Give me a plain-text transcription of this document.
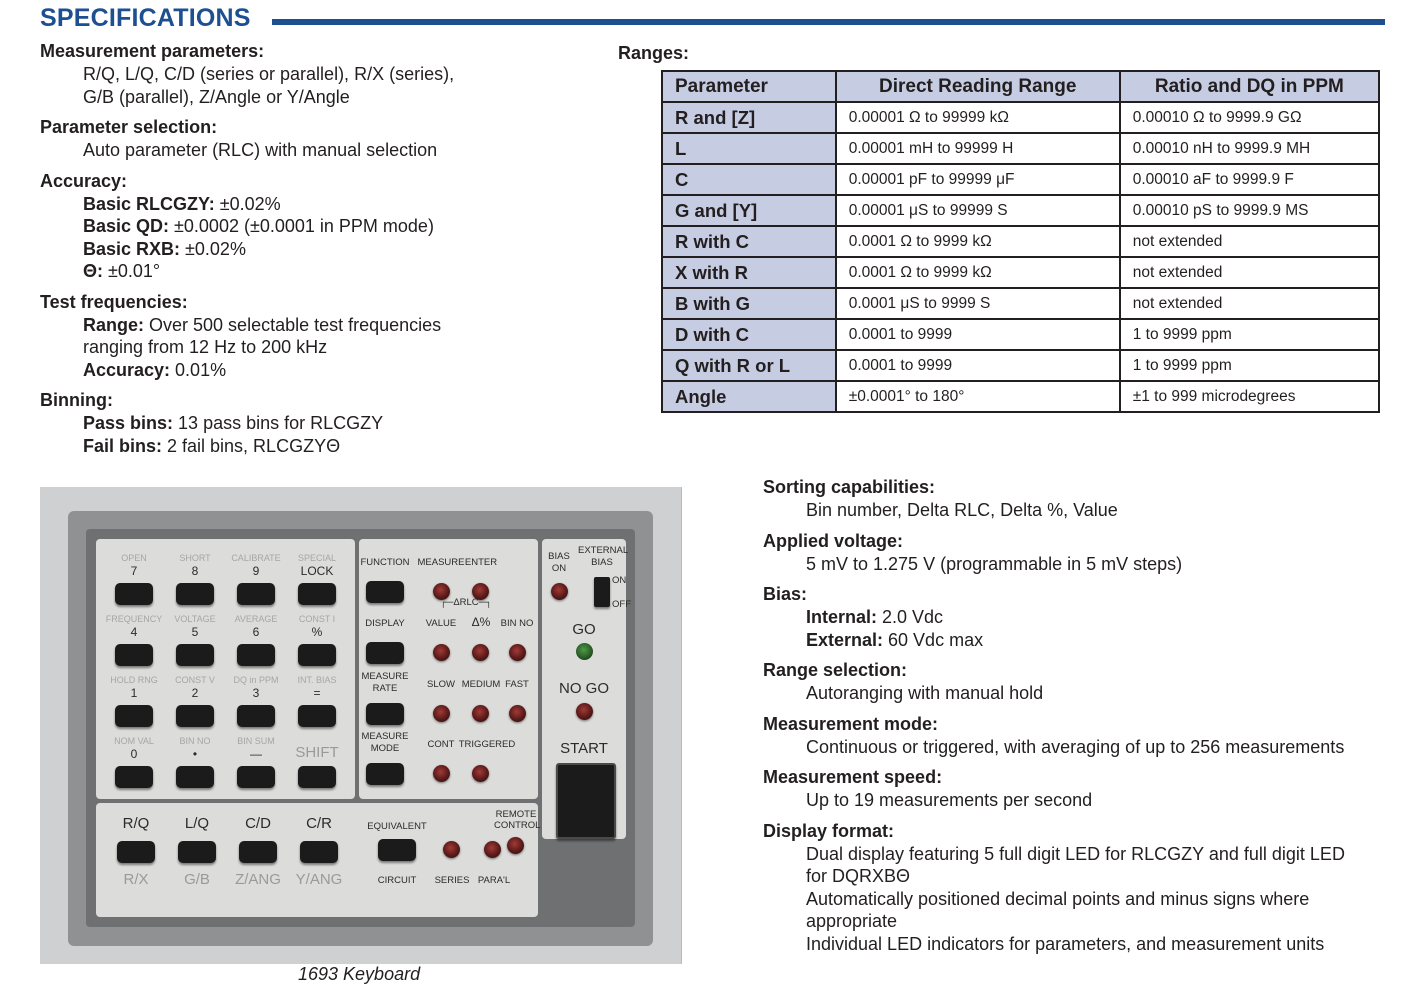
SPECIFICATIONS
Measurement parameters:
R/Q, L/Q, C/D (series or parallel), R/X (series),
G/B (parallel), Z/Angle or Y/Angle
Parameter selection:
Auto parameter (RLC) with manual selection
Accuracy:
Basic RLCGZY: ±0.02%
Basic QD: ±0.0002 (±0.0001 in PPM mode)
Basic RXB: ±0.02%
Θ: ±0.01°
Test frequencies:
Range: Over 500 selectable test frequencies
ranging from 12 Hz to 200 kHz
Accuracy: 0.01%
Binning:
Pass bins: 13 pass bins for RLCGZY
Fail bins: 2 fail bins, RLCGZYΘ
Ranges:
Parameter	Direct Reading Range	Ratio and DQ in PPM
R and [Z]	0.00001 Ω to 99999 kΩ	0.00010 Ω to 9999.9 GΩ
L	0.00001 mH to 99999 H	0.00010 nH to 9999.9 MH
C	0.00001 pF to 99999 μF	0.00010 aF to 9999.9 F
G and [Y]	0.00001 μS to 99999 S	0.00010 pS to 9999.9 MS
R with C	0.0001 Ω to 9999 kΩ	not extended
X with R	0.0001 Ω to 9999 kΩ	not extended
B with G	0.0001 μS to 9999 S	not extended
D with C	0.0001 to 9999	1 to 9999 ppm
Q with R or L	0.0001 to 9999	1 to 9999 ppm
Angle	±0.0001° to 180°	±1 to 999 microdegrees
Sorting capabilities:
Bin number, Delta RLC, Delta %, Value
Applied voltage:
5 mV to 1.275 V (programmable in 5 mV steps)
Bias:
Internal: 2.0 Vdc
External: 60 Vdc max
Range selection:
Autoranging with manual hold
Measurement mode:
Continuous or triggered, with averaging of up to 256 measurements
Measurement speed:
Up to 19 measurements per second
Display format:
Dual display featuring 5 full digit LED for RLCGZY and full digit LED
for DQRXBΘ
Automatically positioned decimal points and minus signs where
appropriate
Individual LED indicators for parameters, and measurement units
OPEN
7
SHORT
8
CALIBRATE
9
SPECIAL
LOCK
FREQUENCY
4
VOLTAGE
5
AVERAGE
6
CONST I
%
HOLD RNG
1
CONST V
2
DQ in PPM
3
INT. BIAS
=
NOM VAL
0
BIN NO
•
BIN SUM
—	SHIFT
FUNCTION MEASURE ENTER
┌─ΔRLC─┐
DISPLAY	VALUE	Δ%	BIN NO
MEASURE RATE	SLOW MEDIUM FAST
MEASURE MODE	CONT TRIGGERED
BIAS ON
EXTERNAL BIAS
ON
OFF
GO
NO GO
START
R/Q
R/X
L/Q
G/B
C/D
Z/ANG
C/R
Y/ANG
EQUIVALENT
CIRCUIT	SERIES PARA'L
REMOTE CONTROL
1693 Keyboard
